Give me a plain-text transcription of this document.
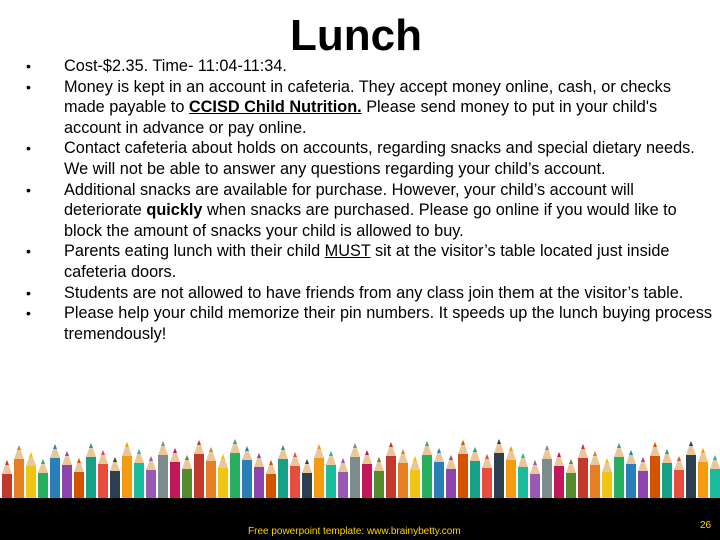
Lunch
• Cost-$2.35. Time- 11:04-11:34.
• Money is kept in an account in cafeteria. They accept money online, cash, or checks made payable to CCISD Child Nutrition. Please send money to put in your child's account in advance or pay online.
• Contact cafeteria about holds on accounts, regarding snacks and special dietary needs. We will not be able to answer any questions regarding your child’s account.
• Additional snacks are available for purchase. However, your child’s account will deteriorate quickly when snacks are purchased. Please go online if you would like to block the amount of snacks your child is allowed to buy.
• Parents eating lunch with their child MUST sit at the visitor’s table located just inside cafeteria doors.
• Students are not allowed to have friends from any class join them at the visitor’s table.
• Please help your child memorize their pin numbers. It speeds up the lunch buying process tremendously!
Free powerpoint template: www.brainybetty.com
26
